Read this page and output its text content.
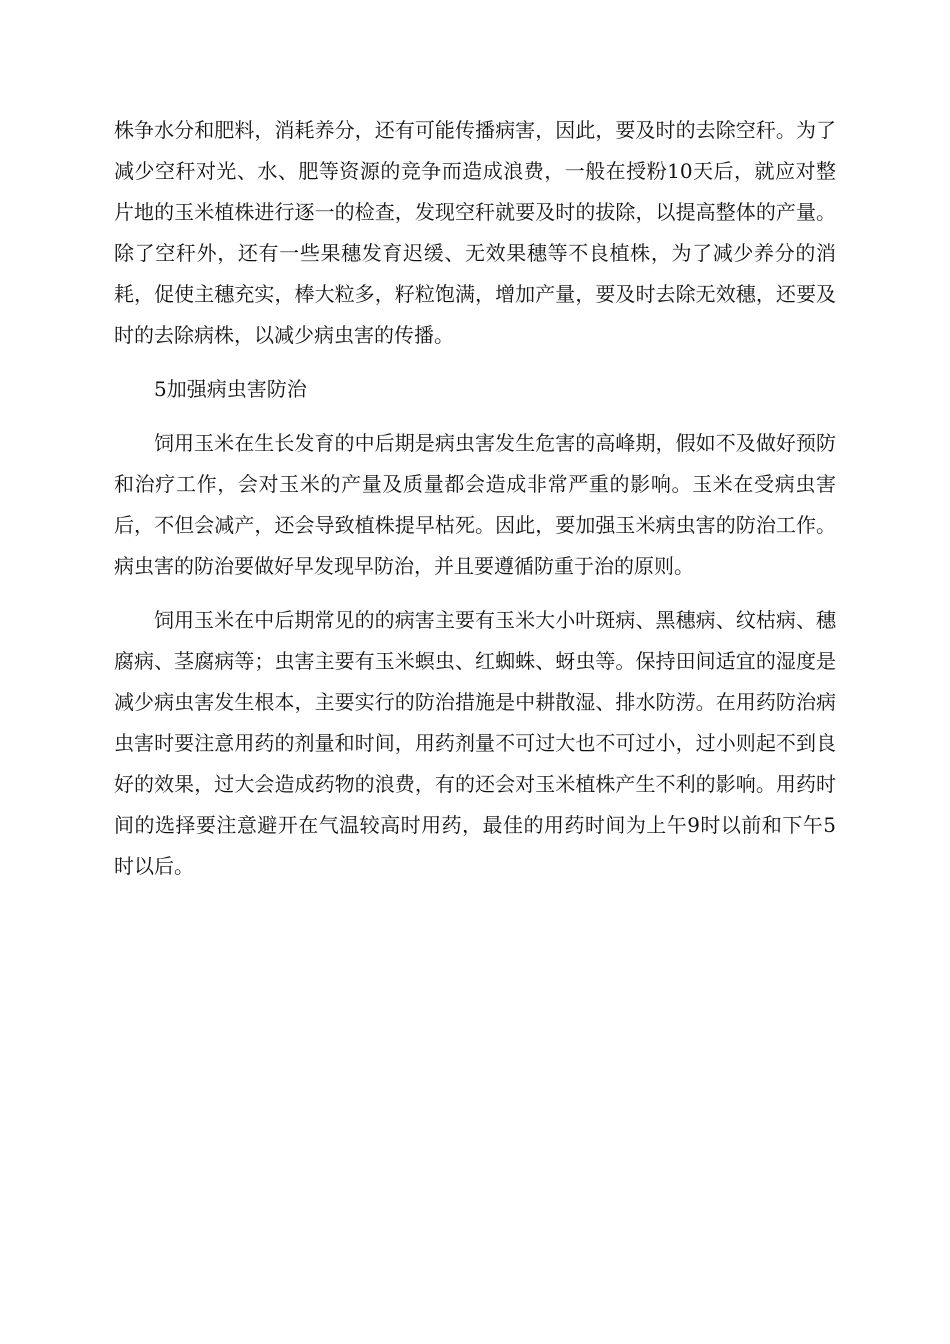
株争水分和肥料，消耗养分，还有可能传播病害，因此，要及时的去除空秆。为了减少空秆对光、水、肥等资源的竞争而造成浪费，一般在授粉10天后，就应对整片地的玉米植株进行逐一的检查，发现空秆就要及时的拔除，以提高整体的产量。除了空秆外，还有一些果穗发育迟缓、无效果穗等不良植株，为了减少养分的消耗，促使主穗充实，棒大粒多，籽粒饱满，增加产量，要及时去除无效穗，还要及时的去除病株，以减少病虫害的传播。

5加强病虫害防治

饲用玉米在生长发育的中后期是病虫害发生危害的高峰期，假如不及做好预防和治疗工作，会对玉米的产量及质量都会造成非常严重的影响。玉米在受病虫害后，不但会减产，还会导致植株提早枯死。因此，要加强玉米病虫害的防治工作。病虫害的防治要做好早发现早防治，并且要遵循防重于治的原则。

饲用玉米在中后期常见的的病害主要有玉米大小叶斑病、黑穗病、纹枯病、穗腐病、茎腐病等；虫害主要有玉米螟虫、红蜘蛛、蚜虫等。保持田间适宜的湿度是减少病虫害发生根本，主要实行的防治措施是中耕散湿、排水防涝。在用药防治病虫害时要注意用药的剂量和时间，用药剂量不可过大也不可过小，过小则起不到良好的效果，过大会造成药物的浪费，有的还会对玉米植株产生不利的影响。用药时间的选择要注意避开在气温较高时用药，最佳的用药时间为上午9时以前和下午5时以后。
